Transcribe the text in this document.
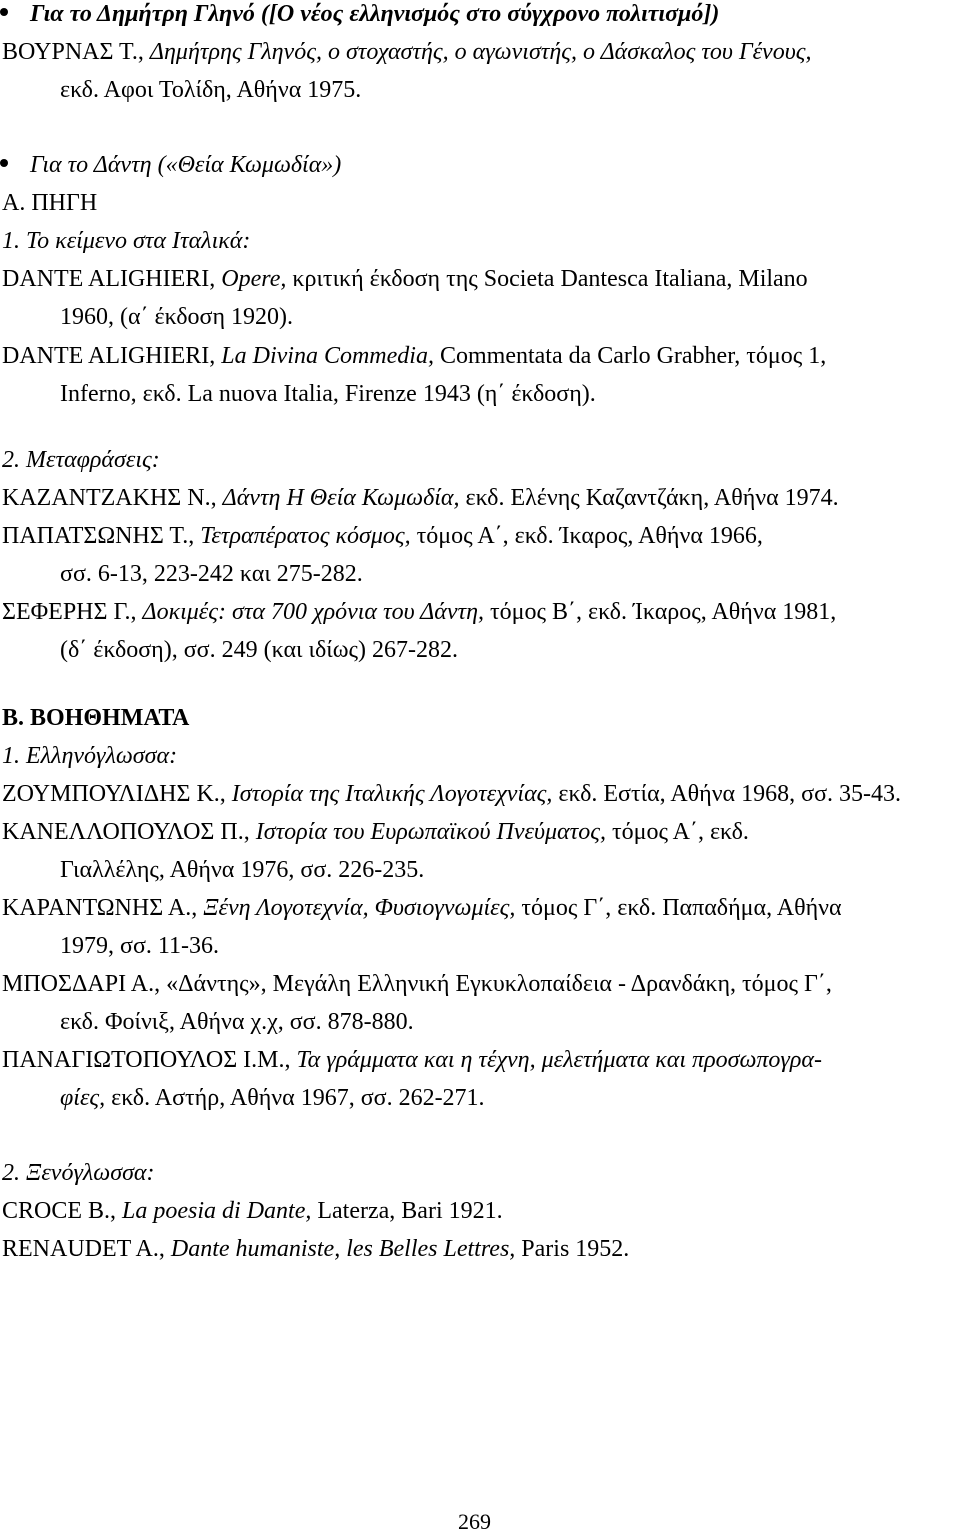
Για το Δημήτρη Γληνό ([Ο νέος ελληνισμός στο σύγχρονο πολιτισμό])
ΒΟΥΡΝΑΣ Τ., Δημήτρης Γληνός, ο στοχαστής, ο αγωνιστής, ο Δάσκαλος του Γένους,
εκδ. Αφοι Τολίδη, Αθήνα 1975.
Για το Δάντη («Θεία Κωμωδία»)
Α. ΠΗΓΗ
1. Το κείμενο στα Ιταλικά:
DANTE ALIGHIERI, Opere, κριτική έκδοση της Societa Dantesca Italiana, Milano
1960, (α΄ έκδοση 1920).
DANTE ALIGHIERI, La Divina Commedia, Commentata da Carlo Grabher, τόμος 1,
Inferno, εκδ. La nuova Italia, Firenze 1943 (η΄ έκδοση).
2. Μεταφράσεις:
ΚΑΖΑΝΤΖΑΚΗΣ Ν., Δάντη Η Θεία Κωμωδία, εκδ. Ελένης Καζαντζάκη, Αθήνα 1974.
ΠΑΠΑΤΣΩΝΗΣ Τ., Τετραπέρατος κόσμος, τόμος Α΄, εκδ. Ίκαρος, Αθήνα 1966,
σσ. 6-13, 223-242 και 275-282.
ΣΕΦΕΡΗΣ Γ., Δοκιμές: στα 700 χρόνια του Δάντη, τόμος Β΄, εκδ. Ίκαρος, Αθήνα 1981,
(δ΄ έκδοση), σσ. 249 (και ιδίως) 267-282.
Β. ΒΟΗΘΗΜΑΤΑ
1. Ελληνόγλωσσα:
ΖΟΥΜΠΟΥΛΙΔΗΣ Κ., Ιστορία της Ιταλικής Λογοτεχνίας, εκδ. Εστία, Αθήνα 1968, σσ. 35-43.
ΚΑΝΕΛΛΟΠΟΥΛΟΣ Π., Ιστορία του Ευρωπαϊκού Πνεύματος, τόμος Α΄, εκδ.
Γιαλλέλης, Αθήνα 1976, σσ. 226-235.
ΚΑΡΑΝΤΩΝΗΣ Α., Ξένη Λογοτεχνία, Φυσιογνωμίες, τόμος Γ΄, εκδ. Παπαδήμα, Αθήνα
1979, σσ. 11-36.
ΜΠΟΣΔΑΡΙ Α., «Δάντης», Μεγάλη Ελληνική Εγκυκλοπαίδεια - Δρανδάκη, τόμος Γ΄,
εκδ. Φοίνιξ, Αθήνα χ.χ, σσ. 878-880.
ΠΑΝΑΓΙΩΤΟΠΟΥΛΟΣ Ι.Μ., Τα γράμματα και η τέχνη, μελετήματα και προσωπογρα-
φίες, εκδ. Αστήρ, Αθήνα 1967, σσ. 262-271.
2. Ξενόγλωσσα:
CROCE B., La poesia di Dante, Laterza, Bari 1921.
RENAUDET A., Dante humaniste, les Belles Lettres, Paris 1952.
269
